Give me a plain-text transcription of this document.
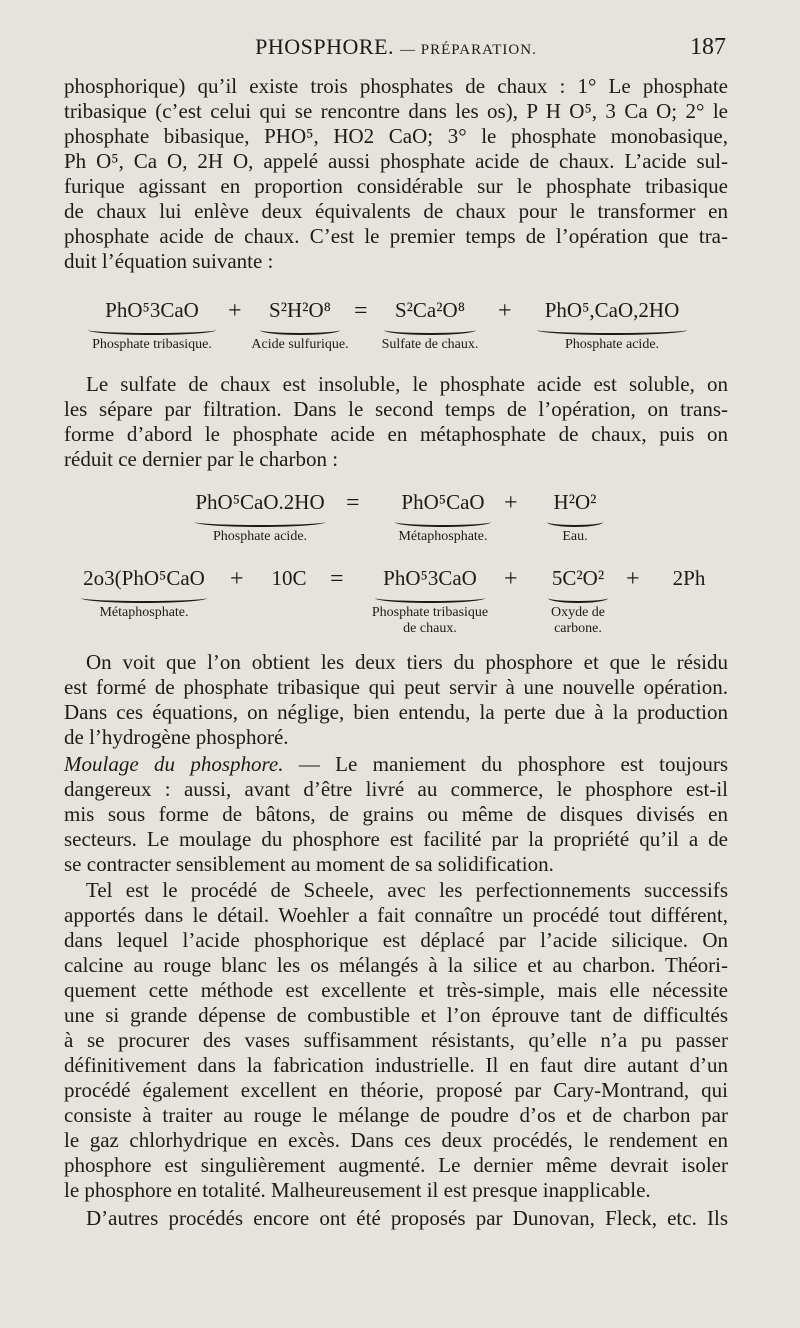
PHOSPHORE. — PRÉPARATION.	187
phosphorique) qu’il existe trois phosphates de chaux : 1° Le phosphate
tribasique (c’est celui qui se rencontre dans les os), P H O⁵, 3 Ca O; 2° le
phosphate bibasique, PHO⁵, HO2 CaO; 3° le phosphate monobasique,
Ph O⁵, Ca O, 2H O, appelé aussi phosphate acide de chaux. L’acide sul-
furique agissant en proportion considérable sur le phosphate tribasique
de chaux lui enlève deux équivalents de chaux pour le transformer en
phosphate acide de chaux. C’est le premier temps de l’opération que tra-
duit l’équation suivante :
PhO⁵3CaO
Phosphate tribasique.
+	S²H²O⁸
Acide sulfurique.
=	S²Ca²O⁸
Sulfate de chaux.
+	PhO⁵,CaO,2HO
Phosphate acide.
Le sulfate de chaux est insoluble, le phosphate acide est soluble, on
les sépare par filtration. Dans le second temps de l’opération, on trans-
forme d’abord le phosphate acide en métaphosphate de chaux, puis on
réduit ce dernier par le charbon :
PhO⁵CaO.2HO
Phosphate acide.
=	PhO⁵CaO
Métaphosphate.
+	H²O²
Eau.
2o3(PhO⁵CaO
Métaphosphate.
+	10C =	PhO⁵3CaO
Phosphate tribasique
de chaux.
+	5C²O²
Oxyde de
carbone.
+	2Ph
On voit que l’on obtient les deux tiers du phosphore et que le résidu
est formé de phosphate tribasique qui peut servir à une nouvelle opération.
Dans ces équations, on néglige, bien entendu, la perte due à la production
de l’hydrogène phosphoré.
Moulage du phosphore. — Le maniement du phosphore est toujours
dangereux : aussi, avant d’être livré au commerce, le phosphore est-il
mis sous forme de bâtons, de grains ou même de disques divisés en
secteurs. Le moulage du phosphore est facilité par la propriété qu’il a de
se contracter sensiblement au moment de sa solidification.
Tel est le procédé de Scheele, avec les perfectionnements successifs
apportés dans le détail. Woehler a fait connaître un procédé tout différent,
dans lequel l’acide phosphorique est déplacé par l’acide silicique. On
calcine au rouge blanc les os mélangés à la silice et au charbon. Théori-
quement cette méthode est excellente et très-simple, mais elle nécessite
une si grande dépense de combustible et l’on éprouve tant de difficultés
à se procurer des vases suffisamment résistants, qu’elle n’a pu passer
définitivement dans la fabrication industrielle. Il en faut dire autant d’un
procédé également excellent en théorie, proposé par Cary-Montrand, qui
consiste à traiter au rouge le mélange de poudre d’os et de charbon par
le gaz chlorhydrique en excès. Dans ces deux procédés, le rendement en
phosphore est singulièrement augmenté. Le dernier même devrait isoler
le phosphore en totalité. Malheureusement il est presque inapplicable.
D’autres procédés encore ont été proposés par Dunovan, Fleck, etc. Ils
